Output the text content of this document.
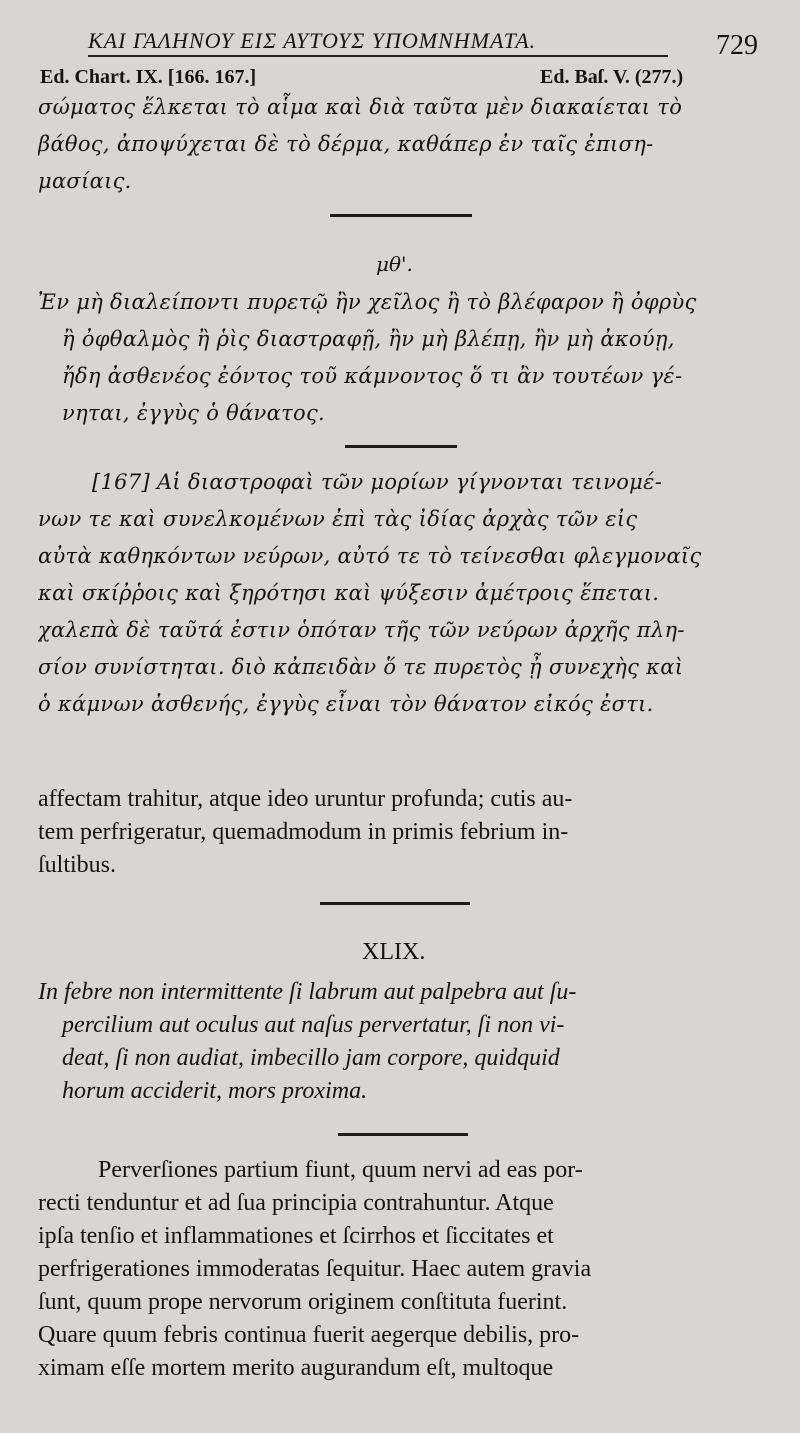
ΚΑΙ ΓΑΛΗΝΟΥ ΕΙΣ ΑΥΤΟΥΣ ΥΠΟΜΝΗΜΑΤΑ.	729
Ed. Chart. IX. [166. 167.]	Ed. Baſ. V. (277.)
σώματος ἕλκεται τὸ αἷμα καὶ διὰ ταῦτα μὲν διακαίεται τὸ
βάθος, ἀποψύχεται δὲ τὸ δέρμα, καθάπερ ἐν ταῖς ἐπιση-
μασίαις.
μθ'.
Ἐν μὴ διαλείποντι πυρετῷ ἢν χεῖλος ἢ τὸ βλέφαρον ἢ ὀφρὺς
ἢ ὀφθαλμὸς ἢ ῥὶς διαστραφῇ, ἢν μὴ βλέπῃ, ἢν μὴ ἀκούῃ,
ἤδη ἀσθενέος ἐόντος τοῦ κάμνοντος ὅ τι ἂν τουτέων γέ-
νηται, ἐγγὺς ὁ θάνατος.
[167] Αἱ διαστροφαὶ τῶν μορίων γίγνονται τεινομέ-
νων τε καὶ συνελκομένων ἐπὶ τὰς ἰδίας ἀρχὰς τῶν εἰς
αὐτὰ καθηκόντων νεύρων, αὐτό τε τὸ τείνεσθαι φλεγμοναῖς
καὶ σκίῤῥοις καὶ ξηρότησι καὶ ψύξεσιν ἀμέτροις ἕπεται.
χαλεπὰ δὲ ταῦτά ἐστιν ὁπόταν τῆς τῶν νεύρων ἀρχῆς πλη-
σίον συνίστηται. διὸ κἀπειδὰν ὅ τε πυρετὸς ᾖ συνεχὴς καὶ
ὁ κάμνων ἀσθενής, ἐγγὺς εἶναι τὸν θάνατον εἰκός ἐστι.
affectam trahitur, atque ideo uruntur profunda; cutis au-
tem perfrigeratur, quemadmodum in primis febrium in-
ſultibus.
XLIX.
In febre non intermittente ſi labrum aut palpebra aut ſu-
percilium aut oculus aut naſus pervertatur, ſi non vi-
deat, ſi non audiat, imbecillo jam corpore, quidquid
horum acciderit, mors proxima.
Perverſiones partium fiunt, quum nervi ad eas por-
recti tenduntur et ad ſua principia contrahuntur. Atque
ipſa tenſio et inflammationes et ſcirrhos et ſiccitates et
perfrigerationes immoderatas ſequitur. Haec autem gravia
ſunt, quum prope nervorum originem conſtituta fuerint.
Quare quum febris continua fuerit aegerque debilis, pro-
ximam eſſe mortem merito augurandum eſt, multoque
